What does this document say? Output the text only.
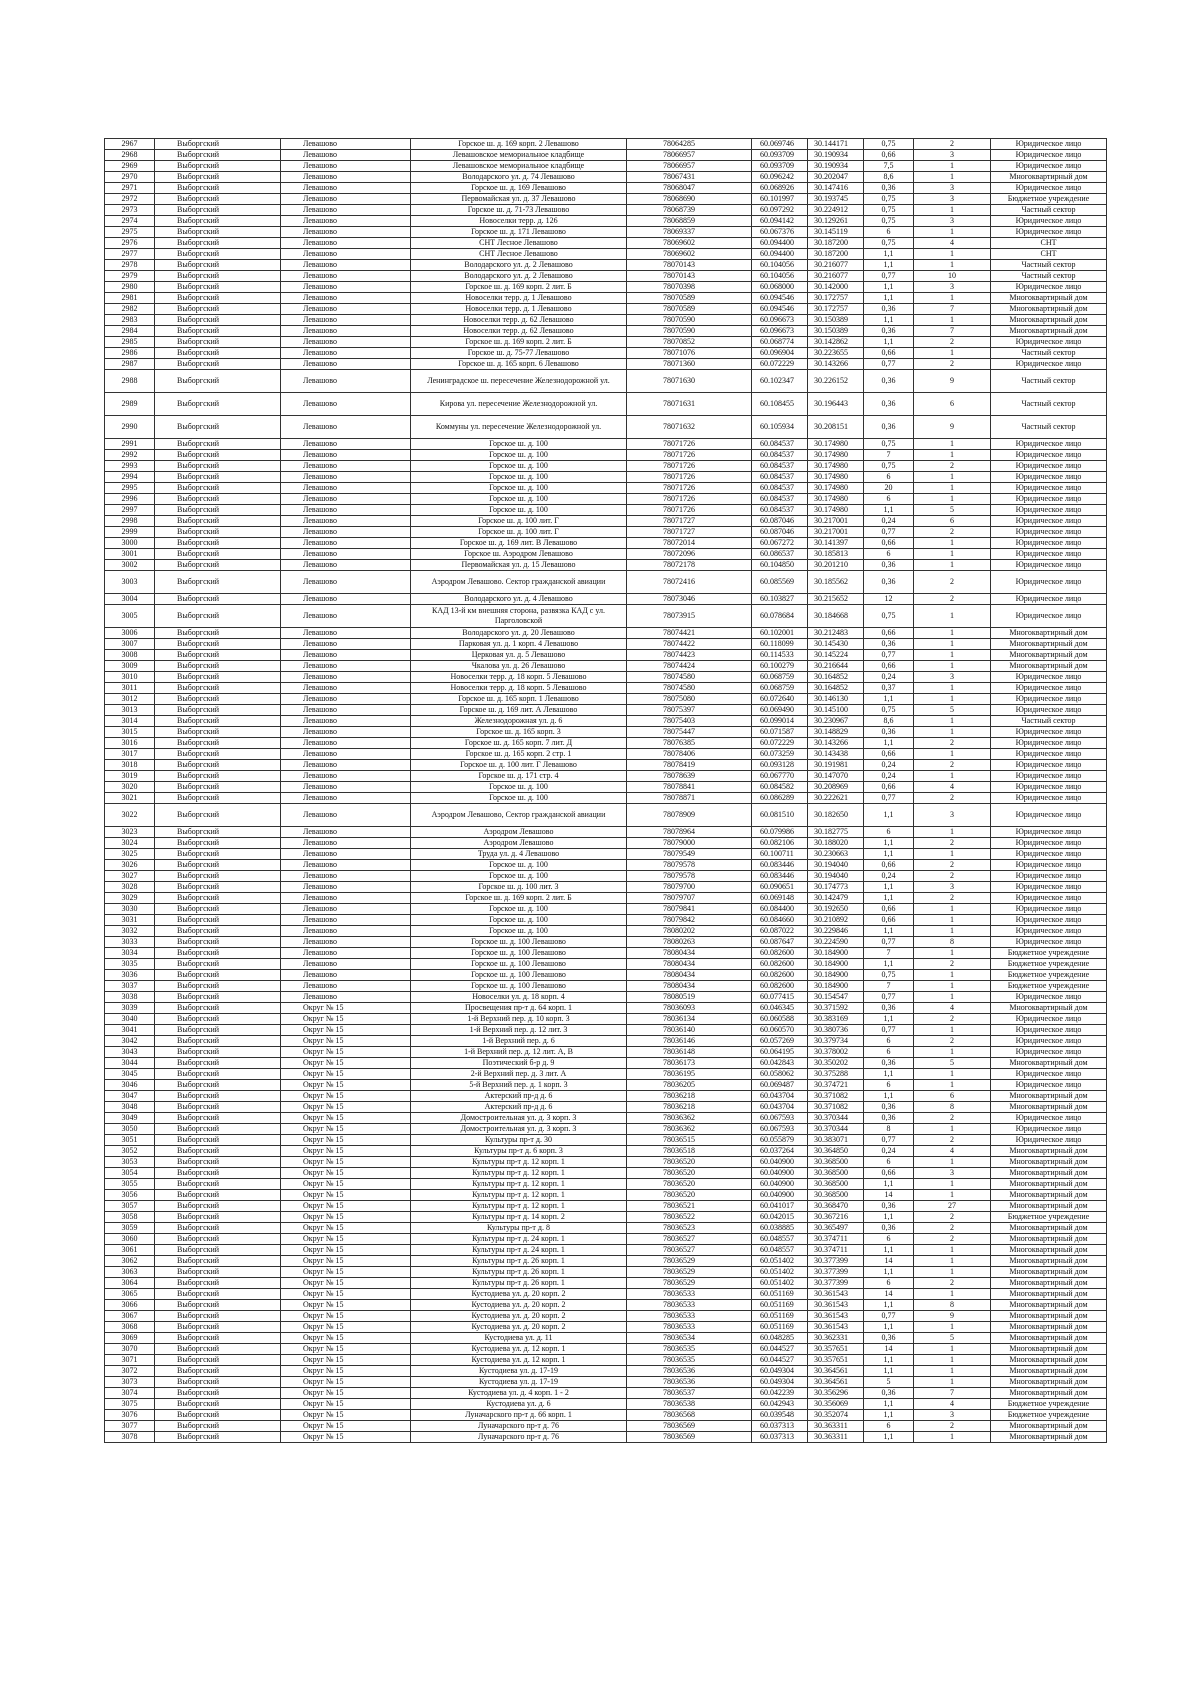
2967	Выборгский	Левашово	Горское ш. д. 169 корп. 2 Левашово	78064285	60.069746	30.144171	0,75	2	Юридическое лицо
2968	Выборгский	Левашово	Левашовское мемориальное кладбище	78066957	60.093709	30.190934	0,66	3	Юридическое лицо
2969	Выборгский	Левашово	Левашовское мемориальное кладбище	78066957	60.093709	30.190934	7,5	1	Юридическое лицо
2970	Выборгский	Левашово	Володарского ул. д. 74 Левашово	78067431	60.096242	30.202047	8,6	1	Многоквартирный дом
2971	Выборгский	Левашово	Горское ш. д. 169 Левашово	78068047	60.068926	30.147416	0,36	3	Юридическое лицо
2972	Выборгский	Левашово	Первомайская ул. д. 37 Левашово	78068690	60.101997	30.193745	0,75	3	Бюджетное учреждение
2973	Выборгский	Левашово	Горское ш. д. 71-73 Левашово	78068739	60.097292	30.224912	0,75	1	Частный сектор
2974	Выборгский	Левашово	Новоселки терр. д. 126	78068859	60.094142	30.129261	0,75	3	Юридическое лицо
2975	Выборгский	Левашово	Горское ш. д. 171 Левашово	78069337	60.067376	30.145119	6	1	Юридическое лицо
2976	Выборгский	Левашово	СНТ Лесное Левашово	78069602	60.094400	30.187200	0,75	4	СНТ
2977	Выборгский	Левашово	СНТ Лесное Левашово	78069602	60.094400	30.187200	1,1	1	СНТ
2978	Выборгский	Левашово	Володарского ул. д. 2 Левашово	78070143	60.104056	30.216077	1,1	1	Частный сектор
2979	Выборгский	Левашово	Володарского ул. д. 2 Левашово	78070143	60.104056	30.216077	0,77	10	Частный сектор
2980	Выборгский	Левашово	Горское ш. д. 169 корп. 2 лит. Б	78070398	60.068000	30.142000	1,1	3	Юридическое лицо
2981	Выборгский	Левашово	Новоселки терр. д. 1 Левашово	78070589	60.094546	30.172757	1,1	1	Многоквартирный дом
2982	Выборгский	Левашово	Новоселки терр. д. 1 Левашово	78070589	60.094546	30.172757	0,36	7	Многоквартирный дом
2983	Выборгский	Левашово	Новоселки терр. д. 62 Левашово	78070590	60.096673	30.150389	1,1	1	Многоквартирный дом
2984	Выборгский	Левашово	Новоселки терр. д. 62 Левашово	78070590	60.096673	30.150389	0,36	7	Многоквартирный дом
2985	Выборгский	Левашово	Горское ш. д. 169 корп. 2 лит. Б	78070852	60.068774	30.142862	1,1	2	Юридическое лицо
2986	Выборгский	Левашово	Горское ш. д. 75-77 Левашово	78071076	60.096904	30.223655	0,66	1	Частный сектор
2987	Выборгский	Левашово	Горское ш. д. 165 корп. 6 Левашово	78071360	60.072229	30.143266	0,77	2	Юридическое лицо
2988	Выборгский	Левашово	Ленинградское ш. пересечение Железнодорожной ул.	78071630	60.102347	30.226152	0,36	9	Частный сектор
2989	Выборгский	Левашово	Кирова ул. пересечение Железнодорожной ул.	78071631	60.108455	30.196443	0,36	6	Частный сектор
2990	Выборгский	Левашово	Коммуны ул. пересечение Железнодорожной ул.	78071632	60.105934	30.208151	0,36	9	Частный сектор
2991	Выборгский	Левашово	Горское ш. д. 100	78071726	60.084537	30.174980	0,75	1	Юридическое лицо
2992	Выборгский	Левашово	Горское ш. д. 100	78071726	60.084537	30.174980	7	1	Юридическое лицо
2993	Выборгский	Левашово	Горское ш. д. 100	78071726	60.084537	30.174980	0,75	2	Юридическое лицо
2994	Выборгский	Левашово	Горское ш. д. 100	78071726	60.084537	30.174980	6	1	Юридическое лицо
2995	Выборгский	Левашово	Горское ш. д. 100	78071726	60.084537	30.174980	20	1	Юридическое лицо
2996	Выборгский	Левашово	Горское ш. д. 100	78071726	60.084537	30.174980	6	1	Юридическое лицо
2997	Выборгский	Левашово	Горское ш. д. 100	78071726	60.084537	30.174980	1,1	5	Юридическое лицо
2998	Выборгский	Левашово	Горское ш. д. 100 лит. Г	78071727	60.087046	30.217001	0,24	6	Юридическое лицо
2999	Выборгский	Левашово	Горское ш. д. 100 лит. Г	78071727	60.087046	30.217001	0,77	2	Юридическое лицо
3000	Выборгский	Левашово	Горское ш. д. 169 лит. В Левашово	78072014	60.067272	30.141397	0,66	1	Юридическое лицо
3001	Выборгский	Левашово	Горское ш. Аэродром Левашово	78072096	60.086537	30.185813	6	1	Юридическое лицо
3002	Выборгский	Левашово	Первомайская ул. д. 15 Левашово	78072178	60.104850	30.201210	0,36	1	Юридическое лицо
3003	Выборгский	Левашово	Аэродром Левашово. Сектор гражданской авиации	78072416	60.085569	30.185562	0,36	2	Юридическое лицо
3004	Выборгский	Левашово	Володарского ул. д. 4 Левашово	78073046	60.103827	30.215652	12	2	Юридическое лицо
3005	Выборгский	Левашово	КАД 13-й км внешняя сторона, развязка КАД с ул. Парголовской	78073915	60.078684	30.184668	0,75	1	Юридическое лицо
3006	Выборгский	Левашово	Володарского ул. д. 20 Левашово	78074421	60.102001	30.212483	0,66	1	Многоквартирный дом
3007	Выборгский	Левашово	Парковая ул. д. 1 корп. 4 Левашово	78074422	60.118099	30.145430	0,36	1	Многоквартирный дом
3008	Выборгский	Левашово	Церковая ул. д. 5 Левашово	78074423	60.114533	30.145224	0,77	1	Многоквартирный дом
3009	Выборгский	Левашово	Чкалова ул. д. 26 Левашово	78074424	60.100279	30.216644	0,66	1	Многоквартирный дом
3010	Выборгский	Левашово	Новоселки терр. д. 18 корп. 5 Левашово	78074580	60.068759	30.164852	0,24	3	Юридическое лицо
3011	Выборгский	Левашово	Новоселки терр. д. 18 корп. 5 Левашово	78074580	60.068759	30.164852	0,37	1	Юридическое лицо
3012	Выборгский	Левашово	Горское ш. д. 165 корп. 1 Левашово	78075080	60.072640	30.146130	1,1	1	Юридическое лицо
3013	Выборгский	Левашово	Горское ш. д. 169 лит. А Левашово	78075397	60.069490	30.145100	0,75	5	Юридическое лицо
3014	Выборгский	Левашово	Железнодорожная ул. д. 6	78075403	60.099014	30.230967	8,6	1	Частный сектор
3015	Выборгский	Левашово	Горское ш. д. 165 корп. 3	78075447	60.071587	30.148829	0,36	1	Юридическое лицо
3016	Выборгский	Левашово	Горское ш. д. 165 корп. 7 лит. Д	78076385	60.072229	30.143266	1,1	2	Юридическое лицо
3017	Выборгский	Левашово	Горское ш. д. 165 корп. 2 стр. 1	78078406	60.073259	30.143438	0,66	1	Юридическое лицо
3018	Выборгский	Левашово	Горское ш. д. 100 лит. Г Левашово	78078419	60.093128	30.191981	0,24	2	Юридическое лицо
3019	Выборгский	Левашово	Горское ш. д. 171 стр. 4	78078639	60.067770	30.147070	0,24	1	Юридическое лицо
3020	Выборгский	Левашово	Горское ш. д. 100	78078841	60.084582	30.208969	0,66	4	Юридическое лицо
3021	Выборгский	Левашово	Горское ш. д. 100	78078871	60.086289	30.222621	0,77	2	Юридическое лицо
3022	Выборгский	Левашово	Аэродром Левашово, Сектор гражданской авиации	78078909	60.081510	30.182650	1,1	3	Юридическое лицо
3023	Выборгский	Левашово	Аэродром Левашово	78078964	60.079986	30.182775	6	1	Юридическое лицо
3024	Выборгский	Левашово	Аэродром Левашово	78079000	60.082106	30.188020	1,1	2	Юридическое лицо
3025	Выборгский	Левашово	Труда ул. д. 4 Левашово	78079549	60.100711	30.230663	1,1	1	Юридическое лицо
3026	Выборгский	Левашово	Горское ш. д. 100	78079578	60.083446	30.194040	0,66	2	Юридическое лицо
3027	Выборгский	Левашово	Горское ш. д. 100	78079578	60.083446	30.194040	0,24	2	Юридическое лицо
3028	Выборгский	Левашово	Горское ш. д. 100 лит. 3	78079700	60.090651	30.174773	1,1	3	Юридическое лицо
3029	Выборгский	Левашово	Горское ш. д. 169 корп. 2 лит. Б	78079707	60.069148	30.142479	1,1	2	Юридическое лицо
3030	Выборгский	Левашово	Горское ш. д. 100	78079841	60.084400	30.192650	0,66	1	Юридическое лицо
3031	Выборгский	Левашово	Горское ш. д. 100	78079842	60.084660	30.210892	0,66	1	Юридическое лицо
3032	Выборгский	Левашово	Горское ш. д. 100	78080202	60.087022	30.229846	1,1	1	Юридическое лицо
3033	Выборгский	Левашово	Горское ш. д. 100 Левашово	78080263	60.087647	30.224590	0,77	8	Юридическое лицо
3034	Выборгский	Левашово	Горское ш. д. 100 Левашово	78080434	60.082600	30.184900	7	1	Бюджетное учреждение
3035	Выборгский	Левашово	Горское ш. д. 100 Левашово	78080434	60.082600	30.184900	1,1	2	Бюджетное учреждение
3036	Выборгский	Левашово	Горское ш. д. 100 Левашово	78080434	60.082600	30.184900	0,75	1	Бюджетное учреждение
3037	Выборгский	Левашово	Горское ш. д. 100 Левашово	78080434	60.082600	30.184900	7	1	Бюджетное учреждение
3038	Выборгский	Левашово	Новоселки ул. д. 18 корп. 4	78080519	60.077415	30.154547	0,77	1	Юридическое лицо
3039	Выборгский	Округ № 15	Просвещения пр-т д. 64 корп. 1	78036093	60.046345	30.371592	0,36	4	Многоквартирный дом
3040	Выборгский	Округ № 15	1-й Верхний пер. д. 10 корп. 3	78036134	60.060588	30.383169	1,1	2	Юридическое лицо
3041	Выборгский	Округ № 15	1-й Верхний пер. д. 12 лит. 3	78036140	60.060570	30.380736	0,77	1	Юридическое лицо
3042	Выборгский	Округ № 15	1-й Верхний пер. д. 6	78036146	60.057269	30.379734	6	2	Юридическое лицо
3043	Выборгский	Округ № 15	1-й Верхний пер. д. 12 лит. А, В	78036148	60.064195	30.378002	6	1	Юридическое лицо
3044	Выборгский	Округ № 15	Поэтический б-р д. 9	78036173	60.042843	30.350202	0,36	5	Многоквартирный дом
3045	Выборгский	Округ № 15	2-й Верхний пер. д. 3 лит. А	78036195	60.058062	30.375288	1,1	1	Юридическое лицо
3046	Выборгский	Округ № 15	5-й Верхний пер. д. 1 корп. 3	78036205	60.069487	30.374721	6	1	Юридическое лицо
3047	Выборгский	Округ № 15	Актерский пр-д д. 6	78036218	60.043704	30.371082	1,1	6	Многоквартирный дом
3048	Выборгский	Округ № 15	Актерский пр-д д. 6	78036218	60.043704	30.371082	0,36	8	Многоквартирный дом
3049	Выборгский	Округ № 15	Домостроительная ул. д. 3 корп. 3	78036362	60.067593	30.370344	0,36	2	Юридическое лицо
3050	Выборгский	Округ № 15	Домостроительная ул. д. 3 корп. 3	78036362	60.067593	30.370344	8	1	Юридическое лицо
3051	Выборгский	Округ № 15	Культуры пр-т д. 30	78036515	60.055879	30.383071	0,77	2	Юридическое лицо
3052	Выборгский	Округ № 15	Культуры пр-т д. 6 корп. 3	78036518	60.037264	30.364850	0,24	4	Многоквартирный дом
3053	Выборгский	Округ № 15	Культуры пр-т д. 12 корп. 1	78036520	60.040900	30.368500	6	1	Многоквартирный дом
3054	Выборгский	Округ № 15	Культуры пр-т д. 12 корп. 1	78036520	60.040900	30.368500	0,66	3	Многоквартирный дом
3055	Выборгский	Округ № 15	Культуры пр-т д. 12 корп. 1	78036520	60.040900	30.368500	1,1	1	Многоквартирный дом
3056	Выборгский	Округ № 15	Культуры пр-т д. 12 корп. 1	78036520	60.040900	30.368500	14	1	Многоквартирный дом
3057	Выборгский	Округ № 15	Культуры пр-т д. 12 корп. 1	78036521	60.041017	30.368470	0,36	27	Многоквартирный дом
3058	Выборгский	Округ № 15	Культуры пр-т д. 14 корп. 2	78036522	60.042015	30.367216	1,1	2	Бюджетное учреждение
3059	Выборгский	Округ № 15	Культуры пр-т д. 8	78036523	60.038885	30.365497	0,36	2	Многоквартирный дом
3060	Выборгский	Округ № 15	Культуры пр-т д. 24 корп. 1	78036527	60.048557	30.374711	6	2	Многоквартирный дом
3061	Выборгский	Округ № 15	Культуры пр-т д. 24 корп. 1	78036527	60.048557	30.374711	1,1	1	Многоквартирный дом
3062	Выборгский	Округ № 15	Культуры пр-т д. 26 корп. 1	78036529	60.051402	30.377399	14	1	Многоквартирный дом
3063	Выборгский	Округ № 15	Культуры пр-т д. 26 корп. 1	78036529	60.051402	30.377399	1,1	1	Многоквартирный дом
3064	Выборгский	Округ № 15	Культуры пр-т д. 26 корп. 1	78036529	60.051402	30.377399	6	2	Многоквартирный дом
3065	Выборгский	Округ № 15	Кустодиева ул. д. 20 корп. 2	78036533	60.051169	30.361543	14	1	Многоквартирный дом
3066	Выборгский	Округ № 15	Кустодиева ул. д. 20 корп. 2	78036533	60.051169	30.361543	1,1	8	Многоквартирный дом
3067	Выборгский	Округ № 15	Кустодиева ул. д. 20 корп. 2	78036533	60.051169	30.361543	0,77	9	Многоквартирный дом
3068	Выборгский	Округ № 15	Кустодиева ул. д. 20 корп. 2	78036533	60.051169	30.361543	1,1	1	Многоквартирный дом
3069	Выборгский	Округ № 15	Кустодиева ул. д. 11	78036534	60.048285	30.362331	0,36	5	Многоквартирный дом
3070	Выборгский	Округ № 15	Кустодиева ул. д. 12 корп. 1	78036535	60.044527	30.357651	14	1	Многоквартирный дом
3071	Выборгский	Округ № 15	Кустодиева ул. д. 12 корп. 1	78036535	60.044527	30.357651	1,1	1	Многоквартирный дом
3072	Выборгский	Округ № 15	Кустодиева ул. д. 17-19	78036536	60.049304	30.364561	1,1	1	Многоквартирный дом
3073	Выборгский	Округ № 15	Кустодиева ул. д. 17-19	78036536	60.049304	30.364561	5	1	Многоквартирный дом
3074	Выборгский	Округ № 15	Кустодиева ул. д. 4 корп. 1 - 2	78036537	60.042239	30.356296	0,36	7	Многоквартирный дом
3075	Выборгский	Округ № 15	Кустодиева ул. д. 6	78036538	60.042943	30.356069	1,1	4	Бюджетное учреждение
3076	Выборгский	Округ № 15	Луначарского пр-т д. 66 корп. 1	78036568	60.039548	30.352074	1,1	3	Бюджетное учреждение
3077	Выборгский	Округ № 15	Луначарского пр-т д. 76	78036569	60.037313	30.363311	6	2	Многоквартирный дом
3078	Выборгский	Округ № 15	Луначарского пр-т д. 76	78036569	60.037313	30.363311	1,1	1	Многоквартирный дом
